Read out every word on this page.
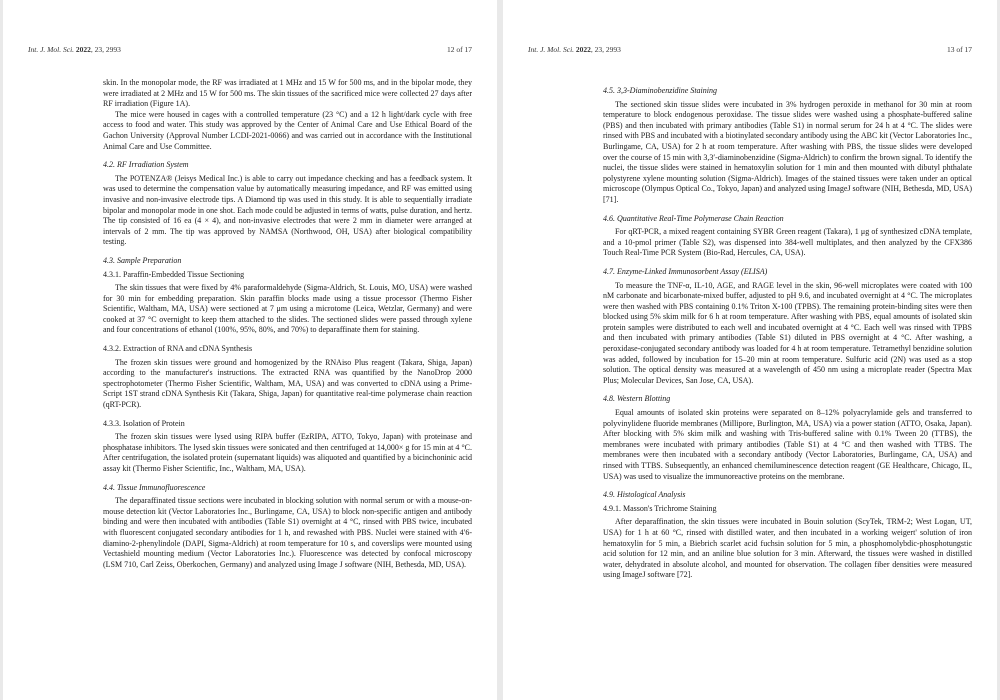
Int. J. Mol. Sci. 2022, 23, 2993	12 of 17

skin. In the monopolar mode, the RF was irradiated at 1 MHz and 15 W for 500 ms, and in the bipolar mode, they were irradiated at 2 MHz and 15 W for 500 ms. The skin tissues of the sacrificed mice were collected 27 days after RF irradiation (Figure 1A).

The mice were housed in cages with a controlled temperature (23 °C) and a 12 h light/dark cycle with free access to food and water. This study was approved by the Center of Animal Care and Use Ethical Board of the Gachon University (Approval Number LCDI-2021-0066) and was carried out in accordance with the Institutional Animal Care and Use Committee.

4.2. RF Irradiation System

The POTENZA® (Jeisys Medical Inc.) is able to carry out impedance checking and has a feedback system. It was used to determine the compensation value by automatically measuring impedance, and RF was emitted using invasive and non-invasive electrode tips. A Diamond tip was used in this study. It is able to sequentially irradiate bipolar and monopolar mode in one shot. Each mode could be adjusted in terms of watts, pulse duration, and hertz. The tip consisted of 16 ea (4 × 4), and non-invasive electrodes that were 2 mm in diameter were arranged at intervals of 2 mm. The tip was approved by NAMSA (Northwood, OH, USA) after biological compatibility testing.

4.3. Sample Preparation
4.3.1. Paraffin-Embedded Tissue Sectioning

The skin tissues that were fixed by 4% paraformaldehyde (Sigma-Aldrich, St. Louis, MO, USA) were washed for 30 min for embedding preparation. Skin paraffin blocks made using a tissue processor (Thermo Fisher Scientific, Waltham, MA, USA) were sectioned at 7 μm using a microtome (Leica, Wetzlar, Germany) and were cooked at 37 °C overnight to keep them attached to the slides. The sectioned slides were passed through xylene and four concentrations of ethanol (100%, 95%, 80%, and 70%) to deparaffinate them for staining.

4.3.2. Extraction of RNA and cDNA Synthesis

The frozen skin tissues were ground and homogenized by the RNAiso Plus reagent (Takara, Shiga, Japan) according to the manufacturer's instructions. The extracted RNA was quantified by the NanoDrop 2000 spectrophotometer (Thermo Fisher Scientific, Waltham, MA, USA) and was converted to cDNA using a Prime-Script 1ST strand cDNA Synthesis Kit (Takara, Shiga, Japan) for quantitative real-time polymerase chain reaction (qRT-PCR).

4.3.3. Isolation of Protein

The frozen skin tissues were lysed using RIPA buffer (EzRIPA, ATTO, Tokyo, Japan) with proteinase and phosphatase inhibitors. The lysed skin tissues were sonicated and then centrifuged at 14,000× g for 15 min at 4 °C. After centrifugation, the isolated protein (supernatant liquids) was aliquoted and quantified by a bicinchoninic acid assay kit (Thermo Fisher Scientific, Inc., Waltham, MA, USA).

4.4. Tissue Immunofluorescence

The deparaffinated tissue sections were incubated in blocking solution with normal serum or with a mouse-on-mouse detection kit (Vector Laboratories Inc., Burlingame, CA, USA) to block non-specific antigen and antibody binding and were then incubated with antibodies (Table S1) overnight at 4 °C, rinsed with PBS twice, incubated with fluorescent conjugated secondary antibodies for 1 h, and rewashed with PBS. Nuclei were stained with 4′6-diamino-2-phenylindole (DAPI, Sigma-Aldrich) at room temperature for 10 s, and coverslips were mounted using Vectashield mounting medium (Vector Laboratories Inc.). Fluorescence was detected by confocal microscopy (LSM 710, Carl Zeiss, Oberkochen, Germany) and analyzed using Image J software (NIH, Bethesda, MD, USA).

Int. J. Mol. Sci. 2022, 23, 2993	13 of 17
4.5. 3,3-Diaminobenzidine Staining

The sectioned skin tissue slides were incubated in 3% hydrogen peroxide in methanol for 30 min at room temperature to block endogenous peroxidase. The tissue slides were washed using a phosphate-buffered saline (PBS) and then incubated with primary antibodies (Table S1) in normal serum for 24 h at 4 °C. The slides were rinsed with PBS and incubated with a biotinylated secondary antibody using the ABC kit (Vector Laboratories Inc., Burlingame, CA, USA) for 2 h at room temperature. After washing with PBS, the tissue slides were developed over the course of 15 min with 3,3′-diaminobenzidine (Sigma-Aldrich) to confirm the brown signal. To identify the nuclei, the tissue slides were stained in hematoxylin solution for 1 min and then mounted with dibutyl phthalate polystyrene xylene mounting solution (Sigma-Aldrich). Images of the stained tissues were taken under an optical microscope (Olympus Optical Co., Tokyo, Japan) and analyzed using ImageJ software (NIH, Bethesda, MD, USA) [71].

4.6. Quantitative Real-Time Polymerase Chain Reaction

For qRT-PCR, a mixed reagent containing SYBR Green reagent (Takara), 1 μg of synthesized cDNA template, and a 10-pmol primer (Table S2), was dispensed into 384-well multiplates, and then analyzed by the CFX386 Touch Real-Time PCR System (Bio-Rad, Hercules, CA, USA).

4.7. Enzyme-Linked Immunosorbent Assay (ELISA)

To measure the TNF-α, IL-10, AGE, and RAGE level in the skin, 96-well microplates were coated with 100 nM carbonate and bicarbonate-mixed buffer, adjusted to pH 9.6, and incubated overnight at 4 °C. The microplates were then washed with PBS containing 0.1% Triton X-100 (TPBS). The remaining protein-binding sites were then blocked using 5% skim milk for 6 h at room temperature. After washing with PBS, equal amounts of isolated skin protein samples were distributed to each well and incubated overnight at 4 °C. Each well was rinsed with TPBS and then incubated with primary antibodies (Table S1) diluted in PBS overnight at 4 °C. After washing, a peroxidase-conjugated secondary antibody was loaded for 4 h at room temperature. Tetramethyl benzidine solution was added, followed by incubation for 15–20 min at room temperature. Sulfuric acid (2N) was used as a stop solution. The optical density was measured at a wavelength of 450 nm using a microplate reader (Spectra Max Plus; Molecular Devices, San Jose, CA, USA).

4.8. Western Blotting

Equal amounts of isolated skin proteins were separated on 8–12% polyacrylamide gels and transferred to polyvinylidene fluoride membranes (Millipore, Burlington, MA, USA) via a power station (ATTO, Osaka, Japan). After blocking with 5% skim milk and washing with Tris-buffered saline with 0.1% Tween 20 (TTBS), the membranes were incubated with primary antibodies (Table S1) at 4 °C and then washed with TTBS. The membranes were then incubated with a secondary antibody (Vector Laboratories, Burlingame, CA, USA) and rinsed with TTBS. Subsequently, an enhanced chemiluminescence detection reagent (GE Healthcare, Chicago, IL, USA) was used to visualize the immunoreactive proteins on the membrane.

4.9. Histological Analysis
4.9.1. Masson's Trichrome Staining

After deparaffination, the skin tissues were incubated in Bouin solution (ScyTek, TRM-2; West Logan, UT, USA) for 1 h at 60 °C, rinsed with distilled water, and then incubated in a working weigert' solution of iron hematoxylin for 5 min, a Biebrich scarlet acid fuchsin solution for 5 min, a phosphomolybdic-phosphotungstic acid solution for 12 min, and an aniline blue solution for 3 min. Afterward, the tissues were washed in distilled water, dehydrated in absolute alcohol, and mounted for observation. The collagen fiber densities were measured using ImageJ software [72].
